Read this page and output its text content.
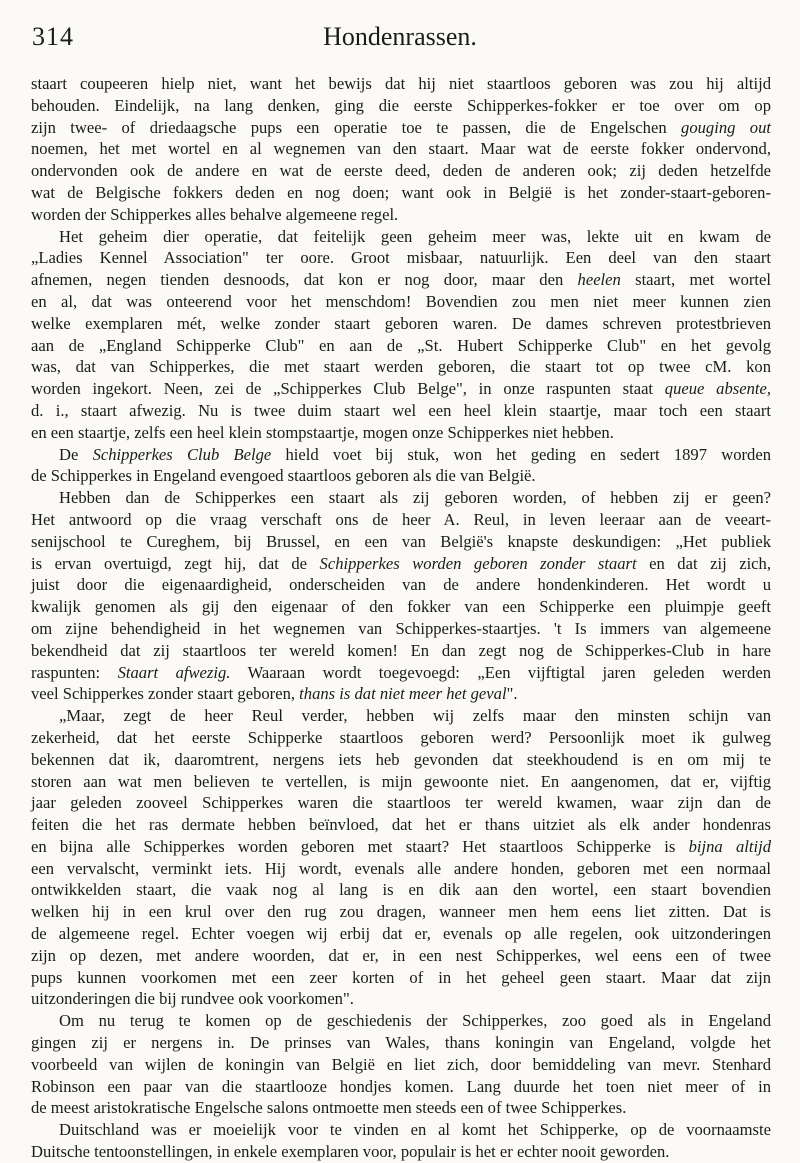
314	Hondenrassen.

staart coupeeren hielp niet, want het bewijs dat hij niet staartloos geboren was zou hij altijd
behouden. Eindelijk, na lang denken, ging die eerste Schipperkes-fokker er toe over om op
zijn twee- of driedaagsche pups een operatie toe te passen, die de Engelschen gouging out
noemen, het met wortel en al wegnemen van den staart. Maar wat de eerste fokker ondervond,
ondervonden ook de andere en wat de eerste deed, deden de anderen ook; zij deden hetzelfde
wat de Belgische fokkers deden en nog doen; want ook in België is het zonder-staart-geboren-
worden der Schipperkes alles behalve algemeene regel.

Het geheim dier operatie, dat feitelijk geen geheim meer was, lekte uit en kwam de
„Ladies Kennel Association" ter oore. Groot misbaar, natuurlijk. Een deel van den staart
afnemen, negen tienden desnoods, dat kon er nog door, maar den heelen staart, met wortel
en al, dat was onteerend voor het menschdom! Bovendien zou men niet meer kunnen zien
welke exemplaren mét, welke zonder staart geboren waren. De dames schreven protestbrieven
aan de „England Schipperke Club" en aan de „St. Hubert Schipperke Club" en het gevolg
was, dat van Schipperkes, die met staart werden geboren, die staart tot op twee cM. kon
worden ingekort. Neen, zei de „Schipperkes Club Belge", in onze raspunten staat queue absente,
d. i., staart afwezig. Nu is twee duim staart wel een heel klein staartje, maar toch een staart
en een staartje, zelfs een heel klein stompstaartje, mogen onze Schipperkes niet hebben.

De Schipperkes Club Belge hield voet bij stuk, won het geding en sedert 1897 worden
de Schipperkes in Engeland evengoed staartloos geboren als die van België.

Hebben dan de Schipperkes een staart als zij geboren worden, of hebben zij er geen?
Het antwoord op die vraag verschaft ons de heer A. Reul, in leven leeraar aan de veeart-
senijschool te Cureghem, bij Brussel, en een van België's knapste deskundigen: „Het publiek
is ervan overtuigd, zegt hij, dat de Schipperkes worden geboren zonder staart en dat zij zich,
juist door die eigenaardigheid, onderscheiden van de andere hondenkinderen. Het wordt u
kwalijk genomen als gij den eigenaar of den fokker van een Schipperke een pluimpje geeft
om zijne behendigheid in het wegnemen van Schipperkes-staartjes. 't Is immers van algemeene
bekendheid dat zij staartloos ter wereld komen! En dan zegt nog de Schipperkes-Club in hare
raspunten: Staart afwezig. Waaraan wordt toegevoegd: „Een vijftigtal jaren geleden werden
veel Schipperkes zonder staart geboren, thans is dat niet meer het geval".

„Maar, zegt de heer Reul verder, hebben wij zelfs maar den minsten schijn van
zekerheid, dat het eerste Schipperke staartloos geboren werd? Persoonlijk moet ik gulweg
bekennen dat ik, daaromtrent, nergens iets heb gevonden dat steekhoudend is en om mij te
storen aan wat men believen te vertellen, is mijn gewoonte niet. En aangenomen, dat er, vijftig
jaar geleden zooveel Schipperkes waren die staartloos ter wereld kwamen, waar zijn dan de
feiten die het ras dermate hebben beïnvloed, dat het er thans uitziet als elk ander hondenras
en bijna alle Schipperkes worden geboren met staart? Het staartloos Schipperke is bijna altijd
een vervalscht, verminkt iets. Hij wordt, evenals alle andere honden, geboren met een normaal
ontwikkelden staart, die vaak nog al lang is en dik aan den wortel, een staart bovendien
welken hij in een krul over den rug zou dragen, wanneer men hem eens liet zitten. Dat is
de algemeene regel. Echter voegen wij erbij dat er, evenals op alle regelen, ook uitzonderingen
zijn op dezen, met andere woorden, dat er, in een nest Schipperkes, wel eens een of twee
pups kunnen voorkomen met een zeer korten of in het geheel geen staart. Maar dat zijn
uitzonderingen die bij rundvee ook voorkomen".

Om nu terug te komen op de geschiedenis der Schipperkes, zoo goed als in Engeland
gingen zij er nergens in. De prinses van Wales, thans koningin van Engeland, volgde het
voorbeeld van wijlen de koningin van België en liet zich, door bemiddeling van mevr. Stenhard
Robinson een paar van die staartlooze hondjes komen. Lang duurde het toen niet meer of in
de meest aristokratische Engelsche salons ontmoette men steeds een of twee Schipperkes.

Duitschland was er moeielijk voor te vinden en al komt het Schipperke, op de voornaamste
Duitsche tentoonstellingen, in enkele exemplaren voor, populair is het er echter nooit geworden.
